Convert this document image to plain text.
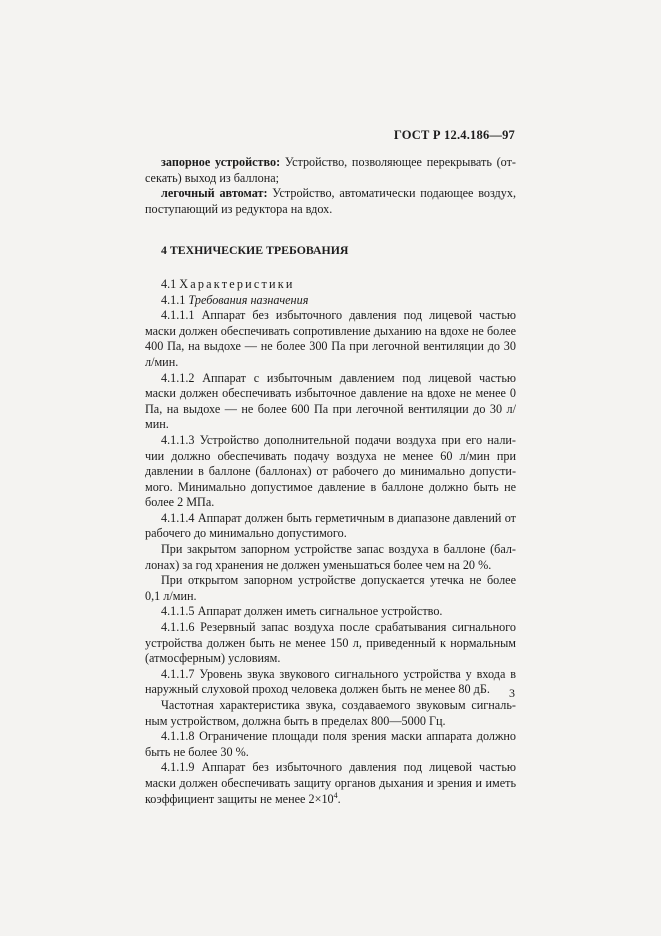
ГОСТ Р 12.4.186—97

запорное устройство: Устройство, позволяющее перекрывать (от-секать) выход из баллона;

легочный автомат: Устройство, автоматически подающее воздух, поступающий из редуктора на вдох.

4 ТЕХНИЧЕСКИЕ ТРЕБОВАНИЯ

4.1 Характеристики

4.1.1 Требования назначения

4.1.1.1 Аппарат без избыточного давления под лицевой частью маски должен обеспечивать сопротивление дыханию на вдохе не более 400 Па, на выдохе — не более 300 Па при легочной вентиляции до 30 л/мин.

4.1.1.2 Аппарат с избыточным давлением под лицевой частью маски должен обеспечивать избыточное давление на вдохе не менее 0 Па, на выдохе — не более 600 Па при легочной вентиляции до 30 л/мин.

4.1.1.3 Устройство дополнительной подачи воздуха при его нали-чии должно обеспечивать подачу воздуха не менее 60 л/мин при давлении в баллоне (баллонах) от рабочего до минимально допусти-мого. Минимально допустимое давление в баллоне должно быть не более 2 МПа.

4.1.1.4 Аппарат должен быть герметичным в диапазоне давлений от рабочего до минимально допустимого.

При закрытом запорном устройстве запас воздуха в баллоне (бал-лонах) за год хранения не должен уменьшаться более чем на 20 %.

При открытом запорном устройстве допускается утечка не более 0,1 л/мин.

4.1.1.5 Аппарат должен иметь сигнальное устройство.

4.1.1.6 Резервный запас воздуха после срабатывания сигнального устройства должен быть не менее 150 л, приведенный к нормальным (атмосферным) условиям.

4.1.1.7 Уровень звука звукового сигнального устройства у входа в наружный слуховой проход человека должен быть не менее 80 дБ.

Частотная характеристика звука, создаваемого звуковым сигналь-ным устройством, должна быть в пределах 800—5000 Гц.

4.1.1.8 Ограничение площади поля зрения маски аппарата должно быть не более 30 %.

4.1.1.9 Аппарат без избыточного давления под лицевой частью маски должен обеспечивать защиту органов дыхания и зрения и иметь коэффициент защиты не менее $2\times 10^4$.

3
